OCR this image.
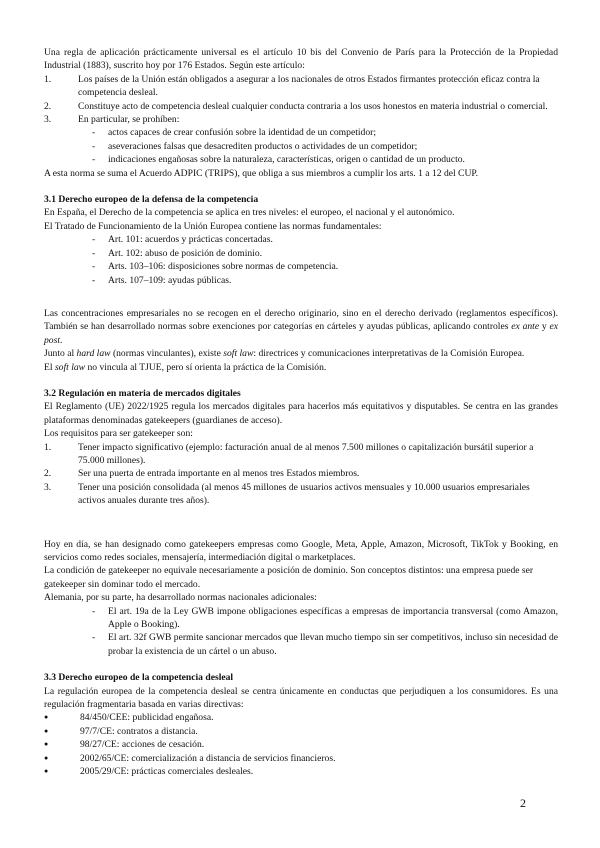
Una regla de aplicación prácticamente universal es el artículo 10 bis del Convenio de París para la Protección de la Propiedad Industrial (1883), suscrito hoy por 176 Estados. Según este artículo:

1.	Los países de la Unión están obligados a asegurar a los nacionales de otros Estados firmantes protección eficaz contra la competencia desleal.
2.	Constituye acto de competencia desleal cualquier conducta contraria a los usos honestos en materia industrial o comercial.
3.	En particular, se prohíben:
-	actos capaces de crear confusión sobre la identidad de un competidor;
-	aseveraciones falsas que desacrediten productos o actividades de un competidor;
-	indicaciones engañosas sobre la naturaleza, características, origen o cantidad de un producto.

A esta norma se suma el Acuerdo ADPIC (TRIPS), que obliga a sus miembros a cumplir los arts. 1 a 12 del CUP.

3.1 Derecho europeo de la defensa de la competencia

En España, el Derecho de la competencia se aplica en tres niveles: el europeo, el nacional y el autonómico.

El Tratado de Funcionamiento de la Unión Europea contiene las normas fundamentales:

-	Art. 101: acuerdos y prácticas concertadas.
-	Art. 102: abuso de posición de dominio.
-	Arts. 103–106: disposiciones sobre normas de competencia.
-	Arts. 107–109: ayudas públicas.

Las concentraciones empresariales no se recogen en el derecho originario, sino en el derecho derivado (reglamentos específicos). También se han desarrollado normas sobre exenciones por categorías en cárteles y ayudas públicas, aplicando controles ex ante y ex post.

Junto al hard law (normas vinculantes), existe soft law: directrices y comunicaciones interpretativas de la Comisión Europea.

El soft law no vincula al TJUE, pero sí orienta la práctica de la Comisión.

3.2 Regulación en materia de mercados digitales

El Reglamento (UE) 2022/1925 regula los mercados digitales para hacerlos más equitativos y disputables. Se centra en las grandes plataformas denominadas gatekeepers (guardianes de acceso).

Los requisitos para ser gatekeeper son:

1.	Tener impacto significativo (ejemplo: facturación anual de al menos 7.500 millones o capitalización bursátil superior a 75.000 millones).
2.	Ser una puerta de entrada importante en al menos tres Estados miembros.
3.	Tener una posición consolidada (al menos 45 millones de usuarios activos mensuales y 10.000 usuarios empresariales activos anuales durante tres años).

Hoy en día, se han designado como gatekeepers empresas como Google, Meta, Apple, Amazon, Microsoft, TikTok y Booking, en servicios como redes sociales, mensajería, intermediación digital o marketplaces.

La condición de gatekeeper no equivale necesariamente a posición de dominio. Son conceptos distintos: una empresa puede ser gatekeeper sin dominar todo el mercado.

Alemania, por su parte, ha desarrollado normas nacionales adicionales:

-	El art. 19a de la Ley GWB impone obligaciones específicas a empresas de importancia transversal (como Amazon, Apple o Booking).
-	El art. 32f GWB permite sancionar mercados que llevan mucho tiempo sin ser competitivos, incluso sin necesidad de probar la existencia de un cártel o un abuso.

3.3 Derecho europeo de la competencia desleal

La regulación europea de la competencia desleal se centra únicamente en conductas que perjudiquen a los consumidores. Es una regulación fragmentaria basada en varias directivas:

●	84/450/CEE: publicidad engañosa.
●	97/7/CE: contratos a distancia.
●	98/27/CE: acciones de cesación.
●	2002/65/CE: comercialización a distancia de servicios financieros.
●	2005/29/CE: prácticas comerciales desleales.
2
